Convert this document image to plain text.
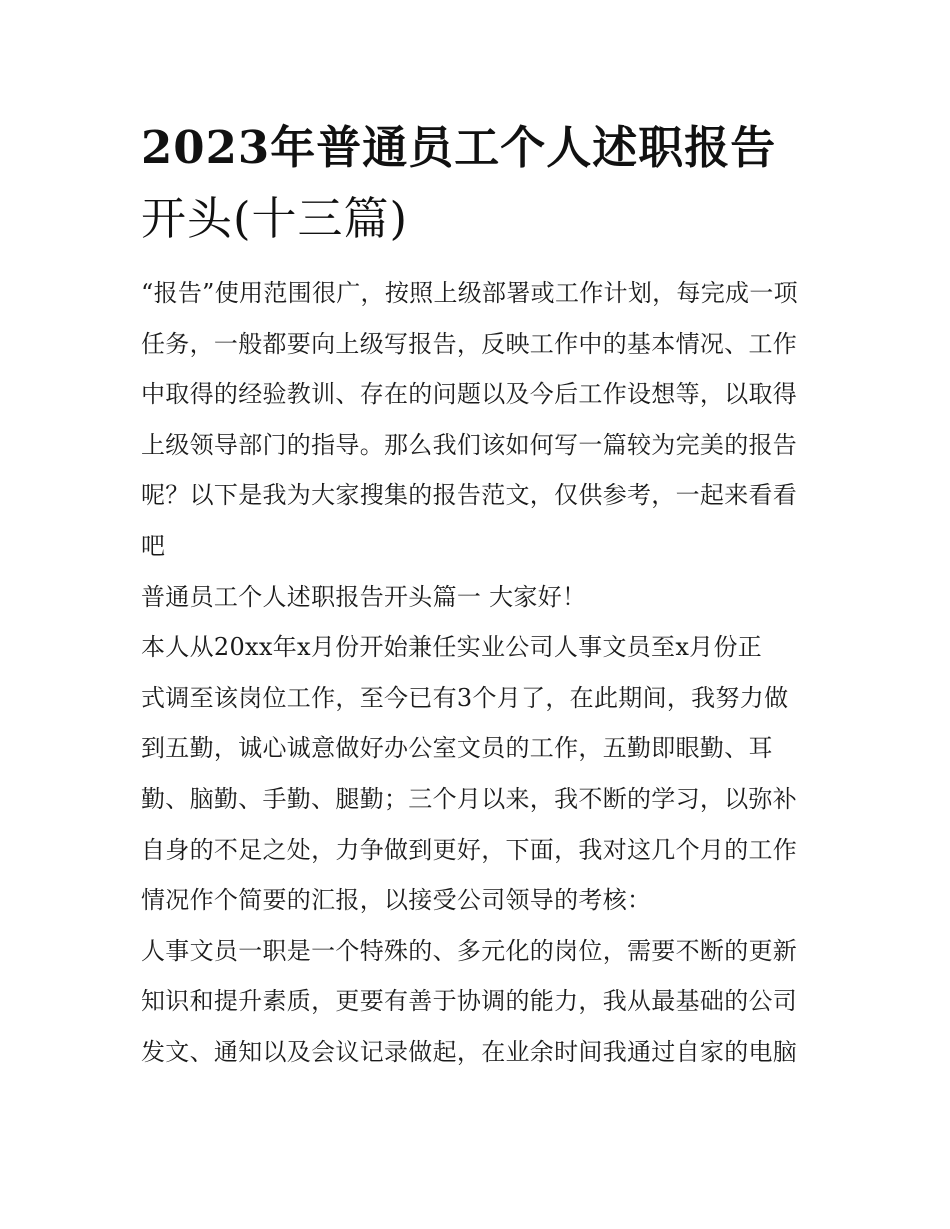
2023年普通员工个人述职报告
开头(十三篇)

“报告”使用范围很广，按照上级部署或工作计划，每完成一项
任务，一般都要向上级写报告，反映工作中的基本情况、工作
中取得的经验教训、存在的问题以及今后工作设想等，以取得
上级领导部门的指导。那么我们该如何写一篇较为完美的报告
呢？以下是我为大家搜集的报告范文，仅供参考，一起来看看
吧

普通员工个人述职报告开头篇一 大家好！

本人从20xx年x月份开始兼任实业公司人事文员至x月份正
式调至该岗位工作，至今已有3个月了，在此期间，我努力做
到五勤，诚心诚意做好办公室文员的工作，五勤即眼勤、耳
勤、脑勤、手勤、腿勤；三个月以来，我不断的学习，以弥补
自身的不足之处，力争做到更好，下面，我对这几个月的工作
情况作个简要的汇报，以接受公司领导的考核：

人事文员一职是一个特殊的、多元化的岗位，需要不断的更新
知识和提升素质，更要有善于协调的能力，我从最基础的公司
发文、通知以及会议记录做起，在业余时间我通过自家的电脑
